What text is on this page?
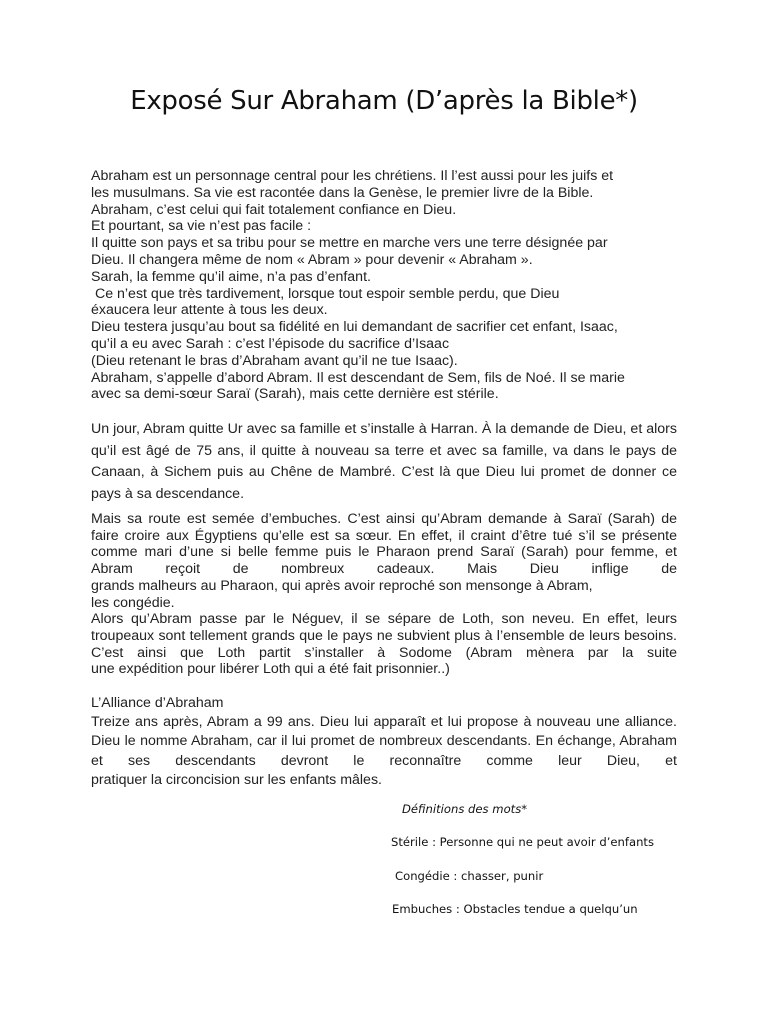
Exposé Sur Abraham (D’après la Bible*)
Abraham est un personnage central pour les chrétiens. Il l’est aussi pour les juifs et
les musulmans. Sa vie est racontée dans la Genèse, le premier livre de la Bible.
Abraham, c’est celui qui fait totalement confiance en Dieu.
Et pourtant, sa vie n’est pas facile :
Il quitte son pays et sa tribu pour se mettre en marche vers une terre désignée par
Dieu. Il changera même de nom « Abram » pour devenir « Abraham ».
Sarah, la femme qu’il aime, n’a pas d’enfant.
Ce n’est que très tardivement, lorsque tout espoir semble perdu, que Dieu
éxaucera leur attente à tous les deux.
Dieu testera jusqu’au bout sa fidélité en lui demandant de sacrifier cet enfant, Isaac,
qu’il a eu avec Sarah : c’est l’épisode du sacrifice d’Isaac
(Dieu retenant le bras d’Abraham avant qu’il ne tue Isaac).
Abraham, s’appelle d’abord Abram. Il est descendant de Sem, fils de Noé. Il se marie
avec sa demi-sœur Saraï (Sarah), mais cette dernière est stérile.
Un jour, Abram quitte Ur avec sa famille et s’installe à Harran. À la demande de Dieu, et alors qu’il est âgé de 75 ans, il quitte à nouveau sa terre et avec sa famille, va dans le pays de Canaan, à Sichem puis au Chêne de Mambré. C’est là que Dieu lui promet de donner ce pays à sa descendance.
Mais sa route est semée d’embuches. C’est ainsi qu’Abram demande à Saraï (Sarah) de faire croire aux Égyptiens qu’elle est sa sœur. En effet, il craint d’être tué s’il se présente comme mari d’une si belle femme puis le Pharaon prend Saraï (Sarah) pour femme, et Abram reçoit de nombreux cadeaux. Mais Dieu inflige de
grands malheurs au Pharaon, qui après avoir reproché son mensonge à Abram,
les congédie.
Alors qu’Abram passe par le Néguev, il se sépare de Loth, son neveu. En effet, leurs troupeaux sont tellement grands que le pays ne subvient plus à l’ensemble de leurs besoins. C’est ainsi que Loth partit s’installer à Sodome (Abram mènera par la suite
une expédition pour libérer Loth qui a été fait prisonnier..)
L’Alliance d’Abraham
Treize ans après, Abram a 99 ans. Dieu lui apparaît et lui propose à nouveau une alliance. Dieu le nomme Abraham, car il lui promet de nombreux descendants. En échange, Abraham et ses descendants devront le reconnaître comme leur Dieu, et
pratiquer la circoncision sur les enfants mâles.
Définitions des mots*
Stérile : Personne qui ne peut avoir d’enfants
Congédie : chasser, punir
Embuches : Obstacles tendue a quelqu’un
